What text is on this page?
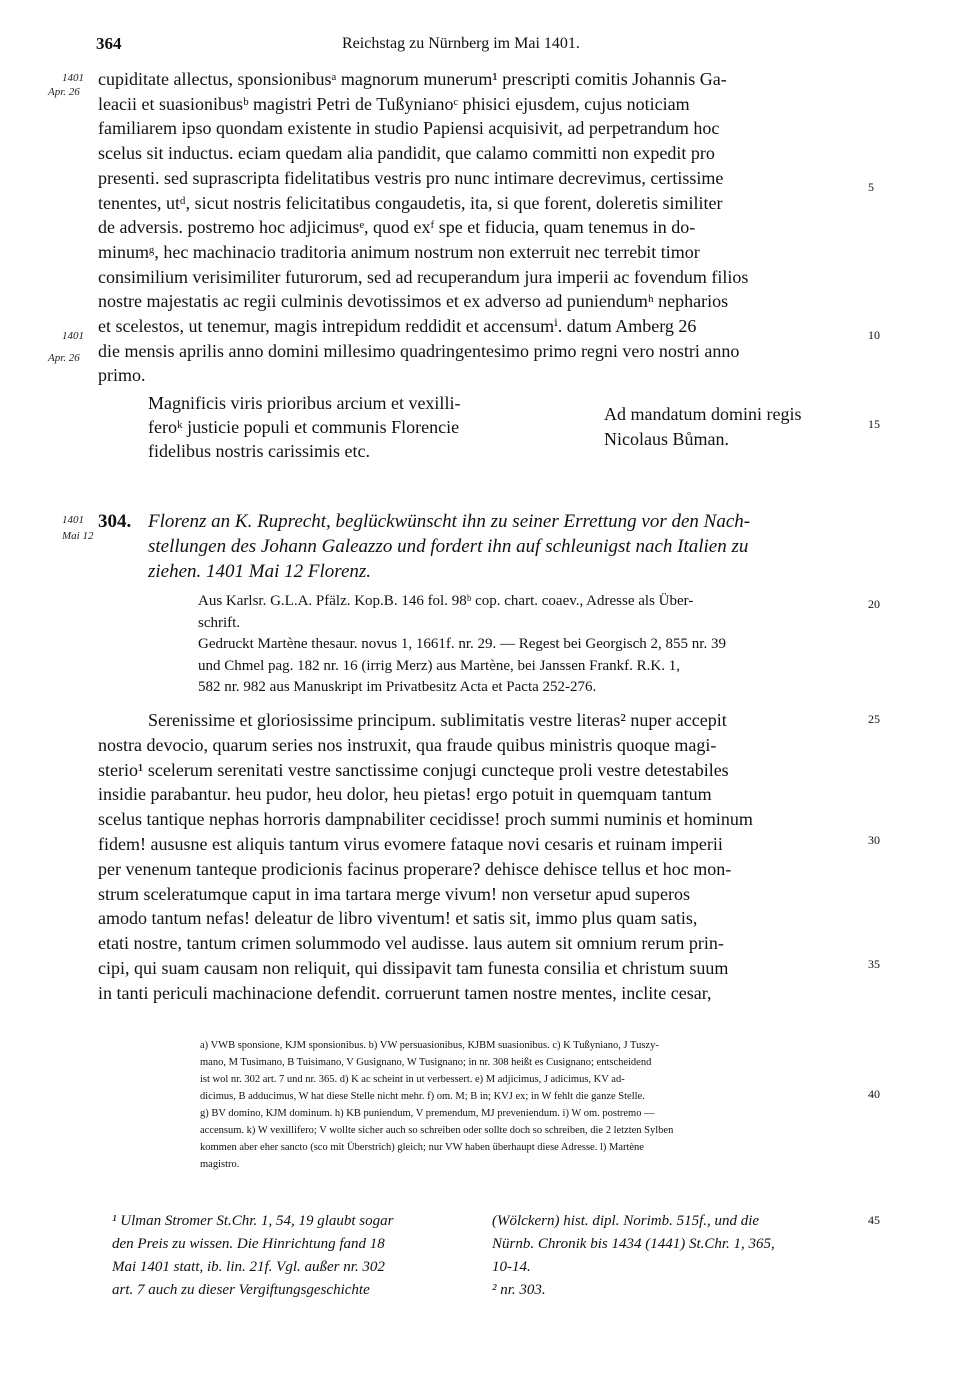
364	Reichstag zu Nürnberg im Mai 1401.
1401
Apr. 26
1401
Apr. 26
1401
Mai 12
cupiditate allectus, sponsionibusᵃ magnorum munerum¹ prescripti comitis Johannis Ga-
leacii et suasionibusᵇ magistri Petri de Tußynianoᶜ phisici ejusdem, cujus noticiam
familiarem ipso quondam existente in studio Papiensi acquisivit, ad perpetrandum hoc
scelus sit inductus. eciam quedam alia pandidit, que calamo committi non expedit pro
presenti. sed suprascripta fidelitatibus vestris pro nunc intimare decrevimus, certissime
tenentes, utᵈ, sicut nostris felicitatibus congaudetis, ita, si que forent, doleretis similiter
de adversis. postremo hoc adjicimusᵉ, quod exᶠ spe et fiducia, quam tenemus in do-
minumᵍ, hec machinacio traditoria animum nostrum non exterruit nec terrebit timor
consimilium verisimiliter futurorum, sed ad recuperandum jura imperii ac fovendum filios
nostre majestatis ac regii culminis devotissimos et ex adverso ad puniendumʰ nepharios
et scelestos, ut tenemur, magis intrepidum reddidit et accensumⁱ. datum Amberg 26
die mensis aprilis anno domini millesimo quadringentesimo primo regni vero nostri anno
primo.
Magnificis viris prioribus arcium et vexilli-
feroᵏ justicie populi et communis Florencie
fidelibus nostris carissimis etc.
Ad mandatum domini regis
Nicolaus Bůman.
304. Florenz an K. Ruprecht, beglückwünscht ihn zu seiner Errettung vor den Nach-
stellungen des Johann Galeazzo und fordert ihn auf schleunigst nach Italien zu
ziehen. 1401 Mai 12 Florenz.
Aus Karlsr. G.L.A. Pfälz. Kop.B. 146 fol. 98ᵇ cop. chart. coaev., Adresse als Über-
schrift.
Gedruckt Martène thesaur. novus 1, 1661f. nr. 29. — Regest bei Georgisch 2, 855 nr. 39
und Chmel pag. 182 nr. 16 (irrig Merz) aus Martène, bei Janssen Frankf. R.K. 1,
582 nr. 982 aus Manuskript im Privatbesitz Acta et Pacta 252-276.
Serenissime et gloriosissime principum. sublimitatis vestre literas² nuper accepit
nostra devocio, quarum series nos instruxit, qua fraude quibus ministris quoque magi-
sterio¹ scelerum serenitati vestre sanctissime conjugi cuncteque proli vestre detestabiles
insidie parabantur. heu pudor, heu dolor, heu pietas! ergo potuit in quemquam tantum
scelus tantique nephas horroris dampnabiliter cecidisse! proch summi numinis et hominum
fidem! aususne est aliquis tantum virus evomere fataque novi cesaris et ruinam imperii
per venenum tanteque prodicionis facinus properare? dehisce dehisce tellus et hoc mon-
strum sceleratumque caput in ima tartara merge vivum! non versetur apud superos
amodo tantum nefas! deleatur de libro viventum! et satis sit, immo plus quam satis,
etati nostre, tantum crimen solummodo vel audisse. laus autem sit omnium rerum prin-
cipi, qui suam causam non reliquit, qui dissipavit tam funesta consilia et christum suum
in tanti periculi machinacione defendit. corruerunt tamen nostre mentes, inclite cesar,
5
10
15
20
25
30
35
40
45
a) VWB sponsione, KJM sponsionibus. b) VW persuasionibus, KJBM suasionibus. c) K Tußyniano, J Tuszy-
mano, M Tusimano, B Tuisimano, V Gusignano, W Tusignano; in nr. 308 heißt es Cusignano; entscheidend
ist wol nr. 302 art. 7 und nr. 365. d) K ac scheint in ut verbessert. e) M adjicimus, J adicimus, KV ad-
dicimus, B adducimus, W hat diese Stelle nicht mehr. f) om. M; B in; KVJ ex; in W fehlt die ganze Stelle.
g) BV domino, KJM dominum. h) KB puniendum, V premendum, MJ preveniendum. i) W om. postremo —
accensum. k) W vexillifero; V wollte sicher auch so schreiben oder sollte doch so schreiben, die 2 letzten Sylben
kommen aber eher sancto (sco mit Überstrich) gleich; nur VW haben überhaupt diese Adresse. l) Martène
magistro.
¹ Ulman Stromer St.Chr. 1, 54, 19 glaubt sogar
den Preis zu wissen. Die Hinrichtung fand 18
Mai 1401 statt, ib. lin. 21f. Vgl. außer nr. 302
art. 7 auch zu dieser Vergiftungsgeschichte
(Wölckern) hist. dipl. Norimb. 515f., und die
Nürnb. Chronik bis 1434 (1441) St.Chr. 1, 365,
10-14.
² nr. 303.
